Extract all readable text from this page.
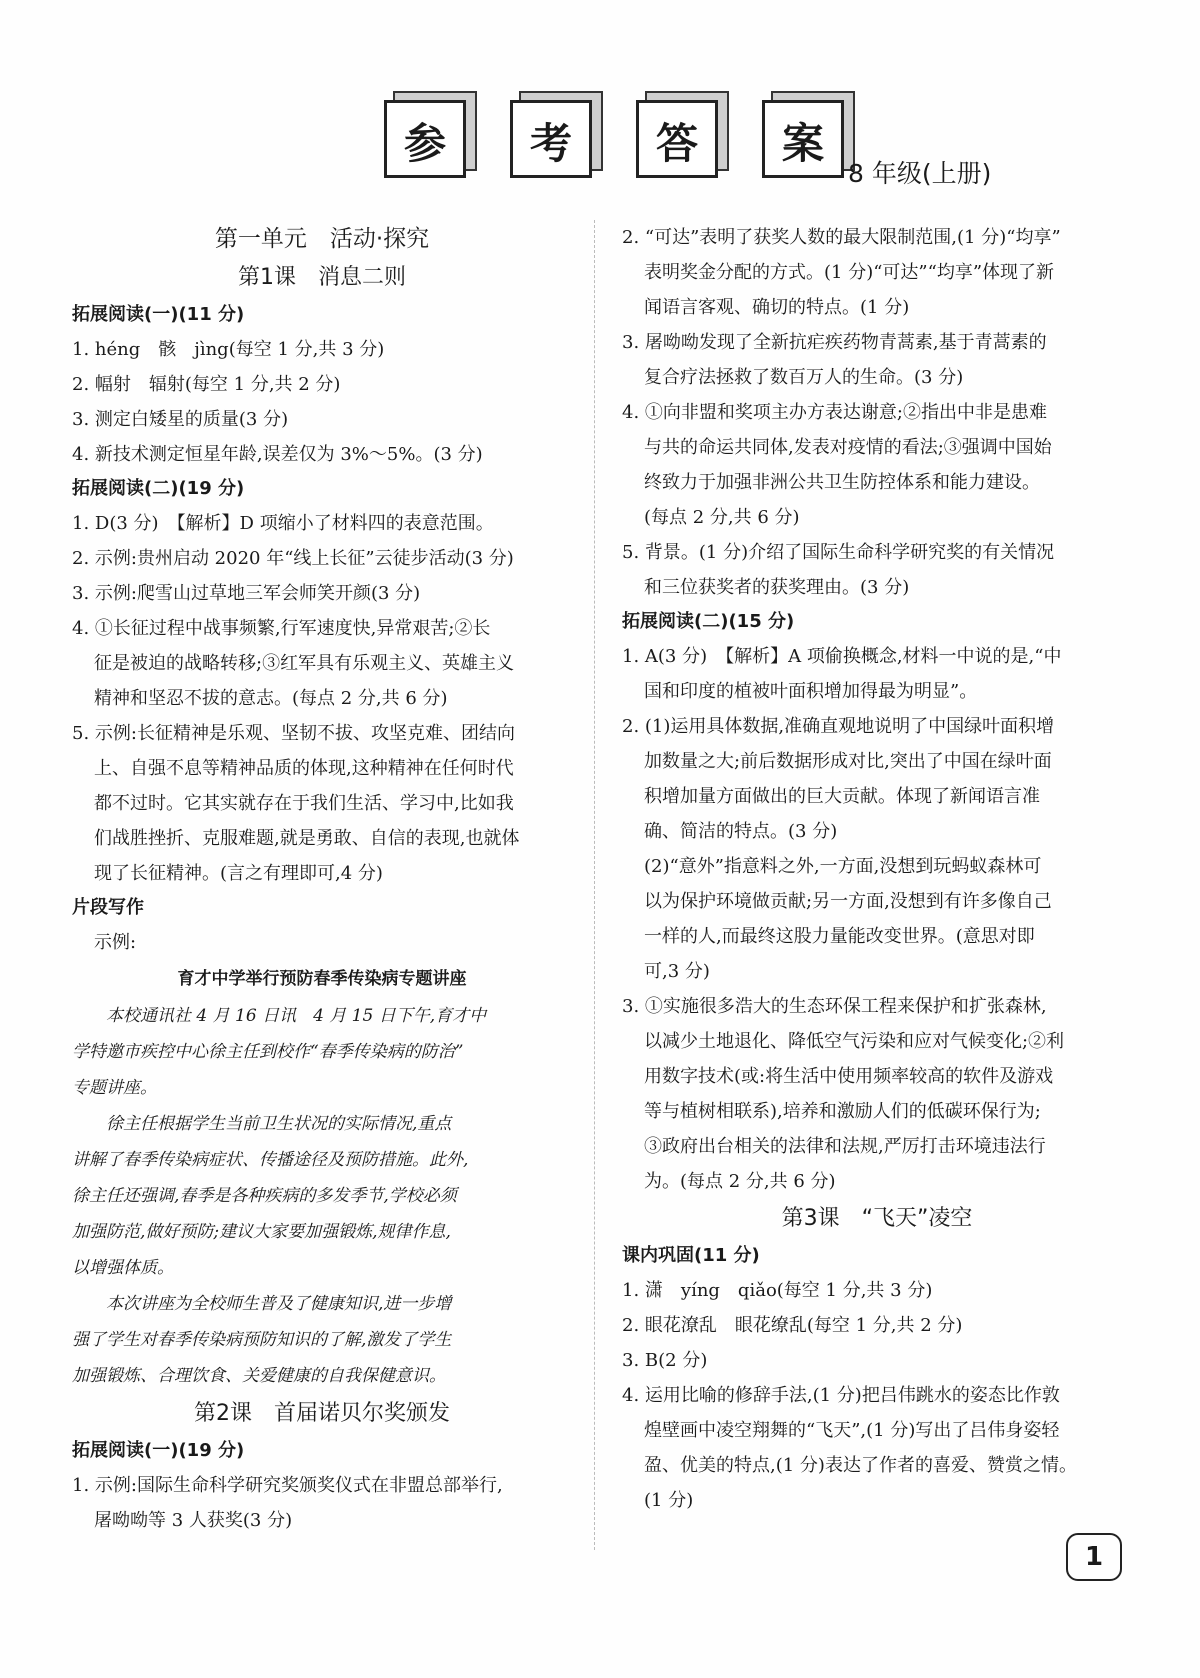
参	考	答	案
8 年级(上册)
第一单元　活动·探究
第1课　消息二则
拓展阅读(一)(11 分)
1. héng　骸　jìng(每空 1 分,共 3 分)
2. 幅射　辐射(每空 1 分,共 2 分)
3. 测定白矮星的质量(3 分)
4. 新技术测定恒星年龄,误差仅为 3%～5%。(3 分)
拓展阅读(二)(19 分)
1. D(3 分)　【解析】D 项缩小了材料四的表意范围。
2. 示例:贵州启动 2020 年“线上长征”云徒步活动(3 分)
3. 示例:爬雪山过草地三军会师笑开颜(3 分)
4. ①长征过程中战事频繁,行军速度快,异常艰苦;②长
征是被迫的战略转移;③红军具有乐观主义、英雄主义
精神和坚忍不拔的意志。(每点 2 分,共 6 分)
5. 示例:长征精神是乐观、坚韧不拔、攻坚克难、团结向
上、自强不息等精神品质的体现,这种精神在任何时代
都不过时。它其实就存在于我们生活、学习中,比如我
们战胜挫折、克服难题,就是勇敢、自信的表现,也就体
现了长征精神。(言之有理即可,4 分)
片段写作
示例:
育才中学举行预防春季传染病专题讲座
本校通讯社 4 月 16 日讯　4 月 15 日下午,育才中
学特邀市疾控中心徐主任到校作“春季传染病的防治”
专题讲座。
徐主任根据学生当前卫生状况的实际情况,重点
讲解了春季传染病症状、传播途径及预防措施。此外,
徐主任还强调,春季是各种疾病的多发季节,学校必须
加强防范,做好预防;建议大家要加强锻炼,规律作息,
以增强体质。
本次讲座为全校师生普及了健康知识,进一步增
强了学生对春季传染病预防知识的了解,激发了学生
加强锻炼、合理饮食、关爱健康的自我保健意识。
第2课　首届诺贝尔奖颁发
拓展阅读(一)(19 分)
1. 示例:国际生命科学研究奖颁奖仪式在非盟总部举行,
屠呦呦等 3 人获奖(3 分)
2. “可达”表明了获奖人数的最大限制范围,(1 分)“均享”
表明奖金分配的方式。(1 分)“可达”“均享”体现了新
闻语言客观、确切的特点。(1 分)
3. 屠呦呦发现了全新抗疟疾药物青蒿素,基于青蒿素的
复合疗法拯救了数百万人的生命。(3 分)
4. ①向非盟和奖项主办方表达谢意;②指出中非是患难
与共的命运共同体,发表对疫情的看法;③强调中国始
终致力于加强非洲公共卫生防控体系和能力建设。
(每点 2 分,共 6 分)
5. 背景。(1 分)介绍了国际生命科学研究奖的有关情况
和三位获奖者的获奖理由。(3 分)
拓展阅读(二)(15 分)
1. A(3 分)　【解析】A 项偷换概念,材料一中说的是,“中
国和印度的植被叶面积增加得最为明显”。
2. (1)运用具体数据,准确直观地说明了中国绿叶面积增
加数量之大;前后数据形成对比,突出了中国在绿叶面
积增加量方面做出的巨大贡献。体现了新闻语言准
确、简洁的特点。(3 分)
(2)“意外”指意料之外,一方面,没想到玩蚂蚁森林可
以为保护环境做贡献;另一方面,没想到有许多像自己
一样的人,而最终这股力量能改变世界。(意思对即
可,3 分)
3. ①实施很多浩大的生态环保工程来保护和扩张森林,
以减少土地退化、降低空气污染和应对气候变化;②利
用数字技术(或:将生活中使用频率较高的软件及游戏
等与植树相联系),培养和激励人们的低碳环保行为;
③政府出台相关的法律和法规,严厉打击环境违法行
为。(每点 2 分,共 6 分)
第3课　“飞天”凌空
课内巩固(11 分)
1. 潇　yíng　qiǎo(每空 1 分,共 3 分)
2. 眼花潦乱　眼花缭乱(每空 1 分,共 2 分)
3. B(2 分)
4. 运用比喻的修辞手法,(1 分)把吕伟跳水的姿态比作敦
煌壁画中凌空翔舞的“飞天”,(1 分)写出了吕伟身姿轻
盈、优美的特点,(1 分)表达了作者的喜爱、赞赏之情。
(1 分)
1
